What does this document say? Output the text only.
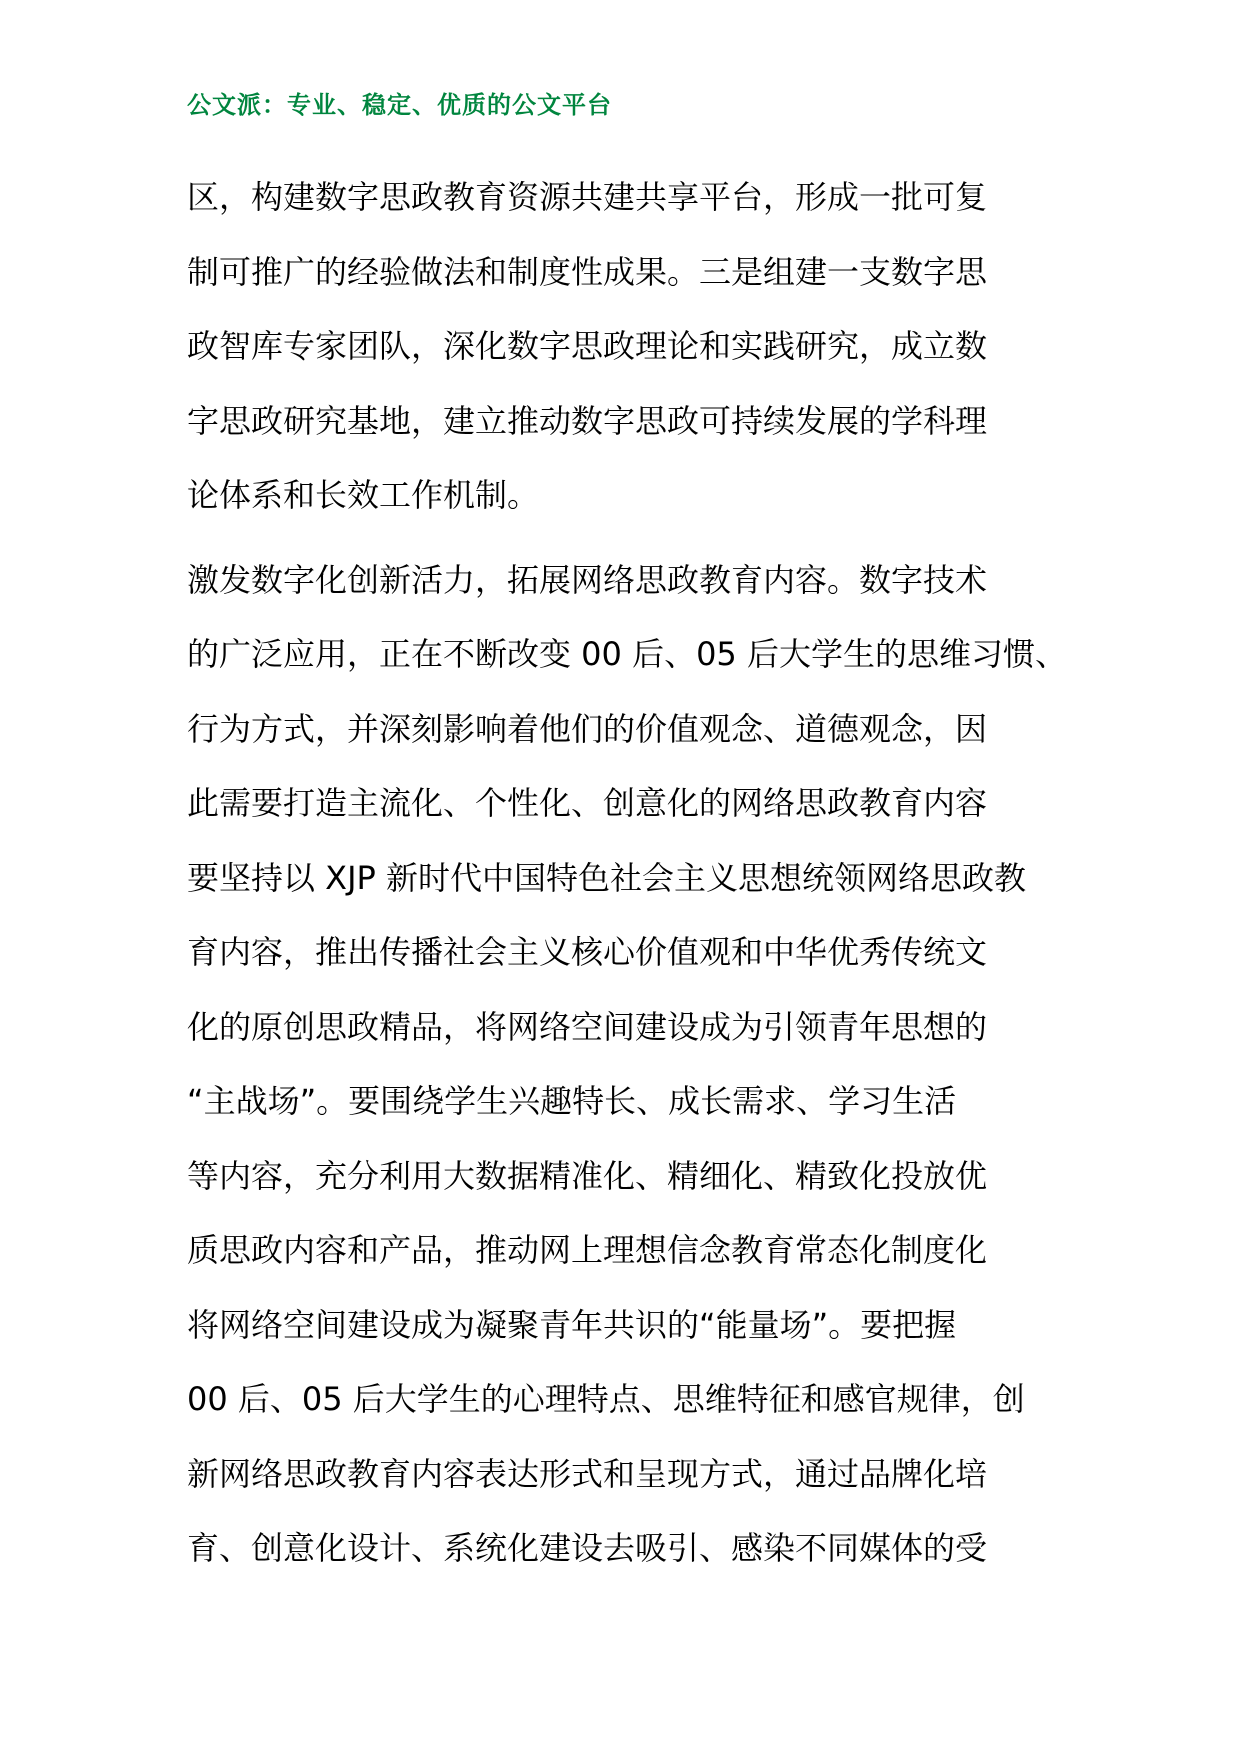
公文派：专业、稳定、优质的公文平台
区，构建数字思政教育资源共建共享平台，形成一批可复
制可推广的经验做法和制度性成果。三是组建一支数字思
政智库专家团队，深化数字思政理论和实践研究，成立数
字思政研究基地，建立推动数字思政可持续发展的学科理
论体系和长效工作机制。
激发数字化创新活力，拓展网络思政教育内容。数字技术
的广泛应用，正在不断改变 00 后、05 后大学生的思维习惯、
行为方式，并深刻影响着他们的价值观念、道德观念，因
此需要打造主流化、个性化、创意化的网络思政教育内容
要坚持以 XJP 新时代中国特色社会主义思想统领网络思政教
育内容，推出传播社会主义核心价值观和中华优秀传统文
化的原创思政精品，将网络空间建设成为引领青年思想的
“主战场”。要围绕学生兴趣特长、成长需求、学习生活
等内容，充分利用大数据精准化、精细化、精致化投放优
质思政内容和产品，推动网上理想信念教育常态化制度化
将网络空间建设成为凝聚青年共识的“能量场”。要把握
00 后、05 后大学生的心理特点、思维特征和感官规律，创
新网络思政教育内容表达形式和呈现方式，通过品牌化培
育、创意化设计、系统化建设去吸引、感染不同媒体的受
